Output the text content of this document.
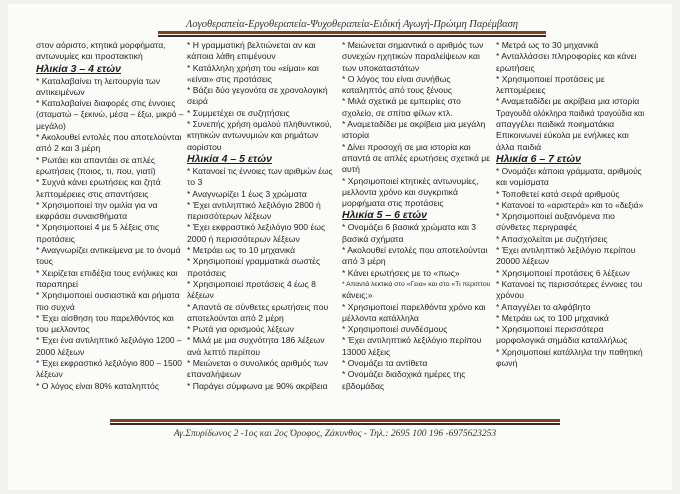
Λογοθεραπεία-Εργοθεραπεία-Ψυχοθεραπεία-Ειδική Αγωγή-Πρώιμη Παρέμβαση
στον αόριστο, κτητικά μορφήματα,
αντωνυμίες και προστακτική
Ηλικία 3 – 4 ετών
* Καταλαβαίνει τη λειτουργία των
αντικειμένων
* Καταλαβαίνει διαφορές στις έννοιες
(σταματώ – ξεκινώ, μέσα – έξω, μικρό –
μεγάλο)
* Ακολουθεί εντολές που αποτελούνται
από 2 και 3 μέρη
* Ρωτάει και απαντάει σε απλές
ερωτήσεις (ποιος, τι, που, γιατί)
* Συχνά κάνει ερωτήσεις και ζητά
λεπτομέρειες στις απαντήσεις
* Χρησιμοποιεί την ομιλία για να
εκφράσει συναισθήματα
* Χρησιμοποιεί 4 με 5 λέξεις στις
προτάσεις
* Αναγνωρίζει αντικείμενα με το όνομά
τους
* Χειρίζεται επιδέξια τους ενήλικες και
παραπηρεί
* Χρησιμοποιεί ουσιαστικά και ρήματα
πιο συχνά
* Έχει αίσθηση του παρελθόντος και
του μελλοντος
* Έχει ένα αντιληπτικό λεξιλόγιο 1200 –
2000 λέξεων
* Έχει εκφραστικό λεξιλόγιο 800 – 1500
λέξεων
* Ο λόγος είναι 80% καταληπτός
* Η γραμματική βελτιώνεται αν και
κάποια λάθη επιμένουν
* Κατάλληλη χρήση του «είμαι» και
«είναι» στις προτάσεις
* Βάζει δύο γεγονότα σε χρονολογική
σειρά
* Συμμετέχει σε συζητήσεις
* Συνεπής χρήση ομαλού πληθυντικού,
κτητικών αντωνυμιών και ρημάτων
αορίστου
Ηλικία 4 – 5 ετών
* Κατανοεί τις έννοιες των αριθμών έως
το 3
* Αναγνωρίζει 1 έως 3 χρώματα
* Έχει αντιληπτικό λεξιλόγιο 2800 ή
περισσότερων λέξεων
* Έχει εκφραστικό λεξιλόγιο 900 έως
2000 ή περισσότερων λέξεων
* Μετράει ως το 10 μηχανικά
* Χρησιμοποιεί γραμματικά σωστές
προτάσεις
* Χρησιμοποιεί προτάσεις 4 έως 8
λέξεων
* Απαντά σε σύνθετες ερωτήσεις που
αποτελούνται από 2 μέρη
* Ρωτά για ορισμούς λέξεων
* Μιλά με μια συχνότητα 186 λέξεων
ανά λεπτό περίπου
* Μειώνεται ο συνολικός αριθμός των
επαναλήψεων
* Παράγει σύμφωνα με 90% ακρίβεια
* Μειώνεται σημαντικά ο αριθμός των
συνεχών ηχητικών παραλείψεων και
των υποκαταστάτων
* Ο λόγος του είναι συνήθως
καταληπτός από τους ξένους
* Μιλά σχετικά με εμπειρίες στο
σχολείο, σε σπίτια φίλων κτλ.
* Αναμεταδίδει με ακρίβεια μια μεγάλη
ιστορία
* Δίνει προσοχή σε μια ιστορία και
απαντά σε απλές ερωτήσεις σχετικά με
αυτή
* Χρησιμοποιεί κτητικές αντωνυμίες,
μελλοντα χρόνο και συγκριτικά
μορφήματα στις προτάσεις
Ηλικία 5 – 6 ετών
* Ονομάζει 6 βασικά χρώματα και 3
βασικά σχήματα
* Ακολουθεί εντολές που αποτελούνται
από 3 μέρη
* Κάνει ερωτήσεις με το «πως»
* Απαντά λεκτικά στο «Γεια» και στο «Τι περιπτου
κάνεις;»
* Χρησιμοποιεί παρελθόντα χρόνο και
μέλλοντα κατάλληλα
* Χρησιμοποιεί συνδέσμους
* Έχει αντιληπτικό λεξιλόγιο περίπου
13000 λέξεις
* Ονομάζει τα αντίθετα
* Ονομάζει διαδοχικά ημέρες της
εβδομάδας
* Μετρά ως το 30 μηχανικά
* Ανταλλάσσει πληροφορίες και κάνει
ερωτήσεις
* Χρησιμοποιεί προτάσεις με
λεπτομέρειες
* Αναμεταδίδει με ακρίβεια μια ιστορία
Τραγουδά ολόκληρα παιδικά τραγούδια και
απαγγέλει παιδικά ποιηματάκια
Επικοινωνεί εύκολα με ενήλικες και
άλλα παιδιά
Ηλικία 6 – 7 ετών
* Ονομάζει κάποια γράμματα, αριθμούς
και νομίσματα
* Τοποθετεί κατά σειρά αριθμούς
* Κατανοεί το «αριστερά» και το «δεξιά»
* Χρησιμοποιεί αυξανόμενα πιο
σύνθετες περιγραφές
* Απασχολείται με συζητήσεις
* Έχει αντιληπτικό λεξιλόγιο περίπου
20000 λέξεων
* Χρησιμοποιεί προτάσεις 6 λέξεων
* Κατανοεί τις περισσότερες έννοιες του
χρόνου
* Απαγγέλει το αλφάβητο
* Μετράει ως το 100 μηχανικά
* Χρησιμοποιεί περισσότερα
μορφολογικά σημάδια καταλλήλως
* Χρησιμοποιεί κατάλληλα την παθητική
φωνή
Αγ.Σπυρίδωνος 2 -1ος και 2ος Όροφος, Ζάκυνθος - Τηλ.: 2695 100 196 -6975623253
